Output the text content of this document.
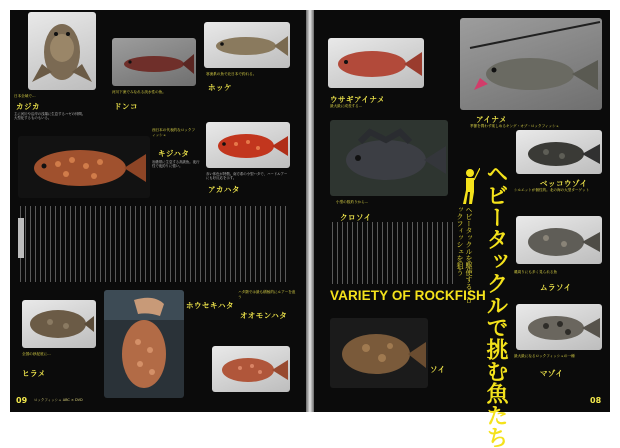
日本全域で…
カジカ
主に河川や沿岸の浅場に生息するハゼの仲間。大型化するものもいる。
河川下流でみなれる淡水性の魚。
ドンコ
寒流系の魚で北日本で釣れる。
ホッケ
西日本の代表的なロックフィッシュ
キジハタ
岩礁帯に生息する高級魚。夜行性で夜釣りに強い。
赤い体色が特徴。南方系の小型ハタで、ハードルアーにも好反応を示す。
アカハタ
全国の砂泥底に…
ヒラメ
ホウセキハタ
ハタ類では最も積極的にルアーを追う
オオモンハタ
09 ロックフィッシュ ABC × DVD
ウサギアイナメ
最大級に成長する…
アイナメ
季節を問わず楽しめるキング・オブ・ロックフィッシュ
小型の数釣りから…
クロソイ	ヘビータックルで挑む魚たち
ヘビータックルを駆使する！ロックフィッシュを狙う
VARIETY OF ROCKFISH
ソイ
ベッコウゾイ
シルエットが個性的。北の海の大型ターゲット
磯周りにも多く見られる魚
ムラソイ
最大級になるロックフィッシュの一種
マゾイ
08
